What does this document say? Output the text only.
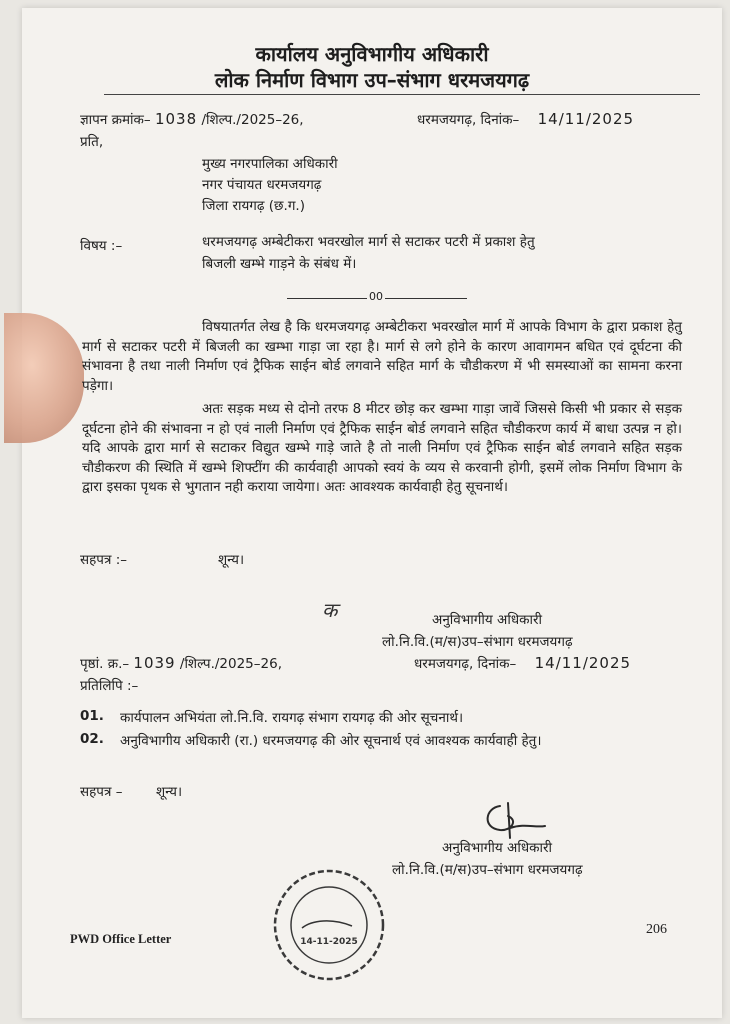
कार्यालय अनुविभागीय अधिकारी
लोक निर्माण विभाग उप–संभाग धरमजयगढ़
ज्ञापन क्रमांक– 1038 /शिल्प./2025–26,	धरमजयगढ़, दिनांक– 14/11/2025
प्रति,
मुख्य नगरपालिका अधिकारी
नगर पंचायत धरमजयगढ़
जिला रायगढ़ (छ.ग.)
विषय :–	धरमजयगढ़ अम्बेटीकरा भवरखोल मार्ग से सटाकर पटरी में प्रकाश हेतु
बिजली खम्भे गाड़ने के संबंध में।
00
विषयातर्गत लेख है कि धरमजयगढ़ अम्बेटीकरा भवरखोल मार्ग में आपके विभाग के द्वारा प्रकाश हेतु मार्ग से सटाकर पटरी में बिजली का खम्भा गाड़ा जा रहा है। मार्ग से लगे होने के कारण आवागमन बधित एवं दूर्घटना की संभावना है तथा नाली निर्माण एवं ट्रैफिक साईन बोर्ड लगवाने सहित मार्ग के चौडीकरण में भी समस्याओं का सामना करना पड़ेगा।
अतः सड़क मध्य से दोनो तरफ 8 मीटर छोड़ कर खम्भा गाड़ा जावें जिससे किसी भी प्रकार से सड़क दूर्घटना होने की संभावना न हो एवं नाली निर्माण एवं ट्रैफिक साईन बोर्ड लगवाने सहित चौडीकरण कार्य में बाधा उत्पन्न न हो। यदि आपके द्वारा मार्ग से सटाकर विद्युत खम्भे गाड़े जाते है तो नाली निर्माण एवं ट्रैफिक साईन बोर्ड लगवाने सहित सड़क चौडीकरण की स्थिति में खम्भे शिफ्टींग की कार्यवाही आपको स्वयं के व्यय से करवानी होगी, इसमें लोक निर्माण विभाग के द्वारा इसका पृथक से भुगतान नही कराया जायेगा। अतः आवश्यक कार्यवाही हेतु सूचनार्थ।
सहपत्र :–	शून्य।
क	अनुविभागीय अधिकारी
लो.नि.वि.(म/स)उप–संभाग धरमजयगढ़
पृष्ठां. क्र.– 1039 /शिल्प./2025–26,	धरमजयगढ़, दिनांक– 14/11/2025
प्रतिलिपि :–
01. कार्यपालन अभियंता लो.नि.वि. रायगढ़ संभाग रायगढ़ की ओर सूचनार्थ।
02. अनुविभागीय अधिकारी (रा.) धरमजयगढ़ की ओर सूचनार्थ एवं आवश्यक कार्यवाही हेतु।
सहपत्र – शून्य।
अनुविभागीय अधिकारी
लो.नि.वि.(म/स)उप–संभाग धरमजयगढ़
14-11-2025
PWD Office Letter
206
